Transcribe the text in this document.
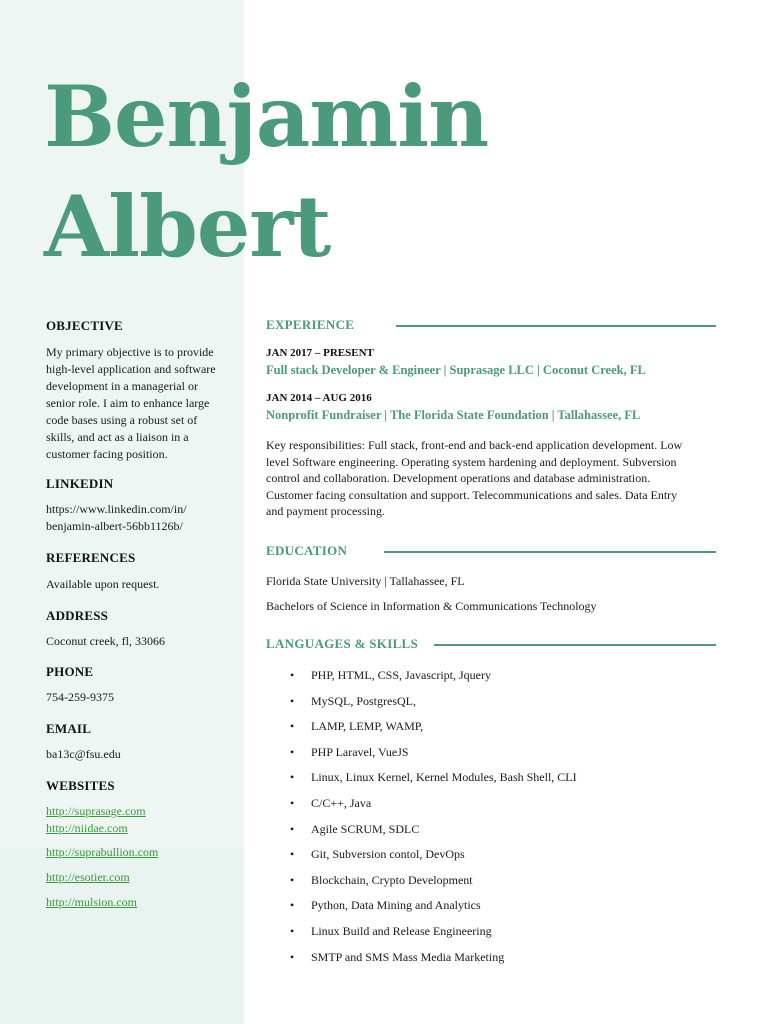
Benjamin
Albert
OBJECTIVE

My primary objective is to provide
high-level application and software
development in a managerial or
senior role. I aim to enhance large
code bases using a robust set of
skills, and act as a liaison in a
customer facing position.

LINKEDIN

https://www.linkedin.com/in/
benjamin-albert-56bb1126b/

REFERENCES

Available upon request.

ADDRESS

Coconut creek, fl, 33066

PHONE

754-259-9375

EMAIL

ba13c@fsu.edu

WEBSITES
http://suprasage.com
http://niidae.com
http://suprabullion.com
http://esotier.com
http://mulsion.com
EXPERIENCE
JAN 2017 – PRESENT
Full stack Developer & Engineer | Suprasage LLC | Coconut Creek, FL
JAN 2014 – AUG 2016
Nonprofit Fundraiser | The Florida State Foundation | Tallahassee, FL
Key responsibilities: Full stack, front-end and back-end application development. Low
level Software engineering. Operating system hardening and deployment. Subversion
control and collaboration. Development operations and database administration.
Customer facing consultation and support. Telecommunications and sales. Data Entry
and payment processing.
EDUCATION
Florida State University | Tallahassee, FL
Bachelors of Science in Information & Communications Technology
LANGUAGES & SKILLS
• PHP, HTML, CSS, Javascript, Jquery
• MySQL, PostgresQL,
• LAMP, LEMP, WAMP,
• PHP Laravel, VueJS
• Linux, Linux Kernel, Kernel Modules, Bash Shell, CLI
• C/C++, Java
• Agile SCRUM, SDLC
• Git, Subversion contol, DevOps
• Blockchain, Crypto Development
• Python, Data Mining and Analytics
• Linux Build and Release Engineering
• SMTP and SMS Mass Media Marketing
